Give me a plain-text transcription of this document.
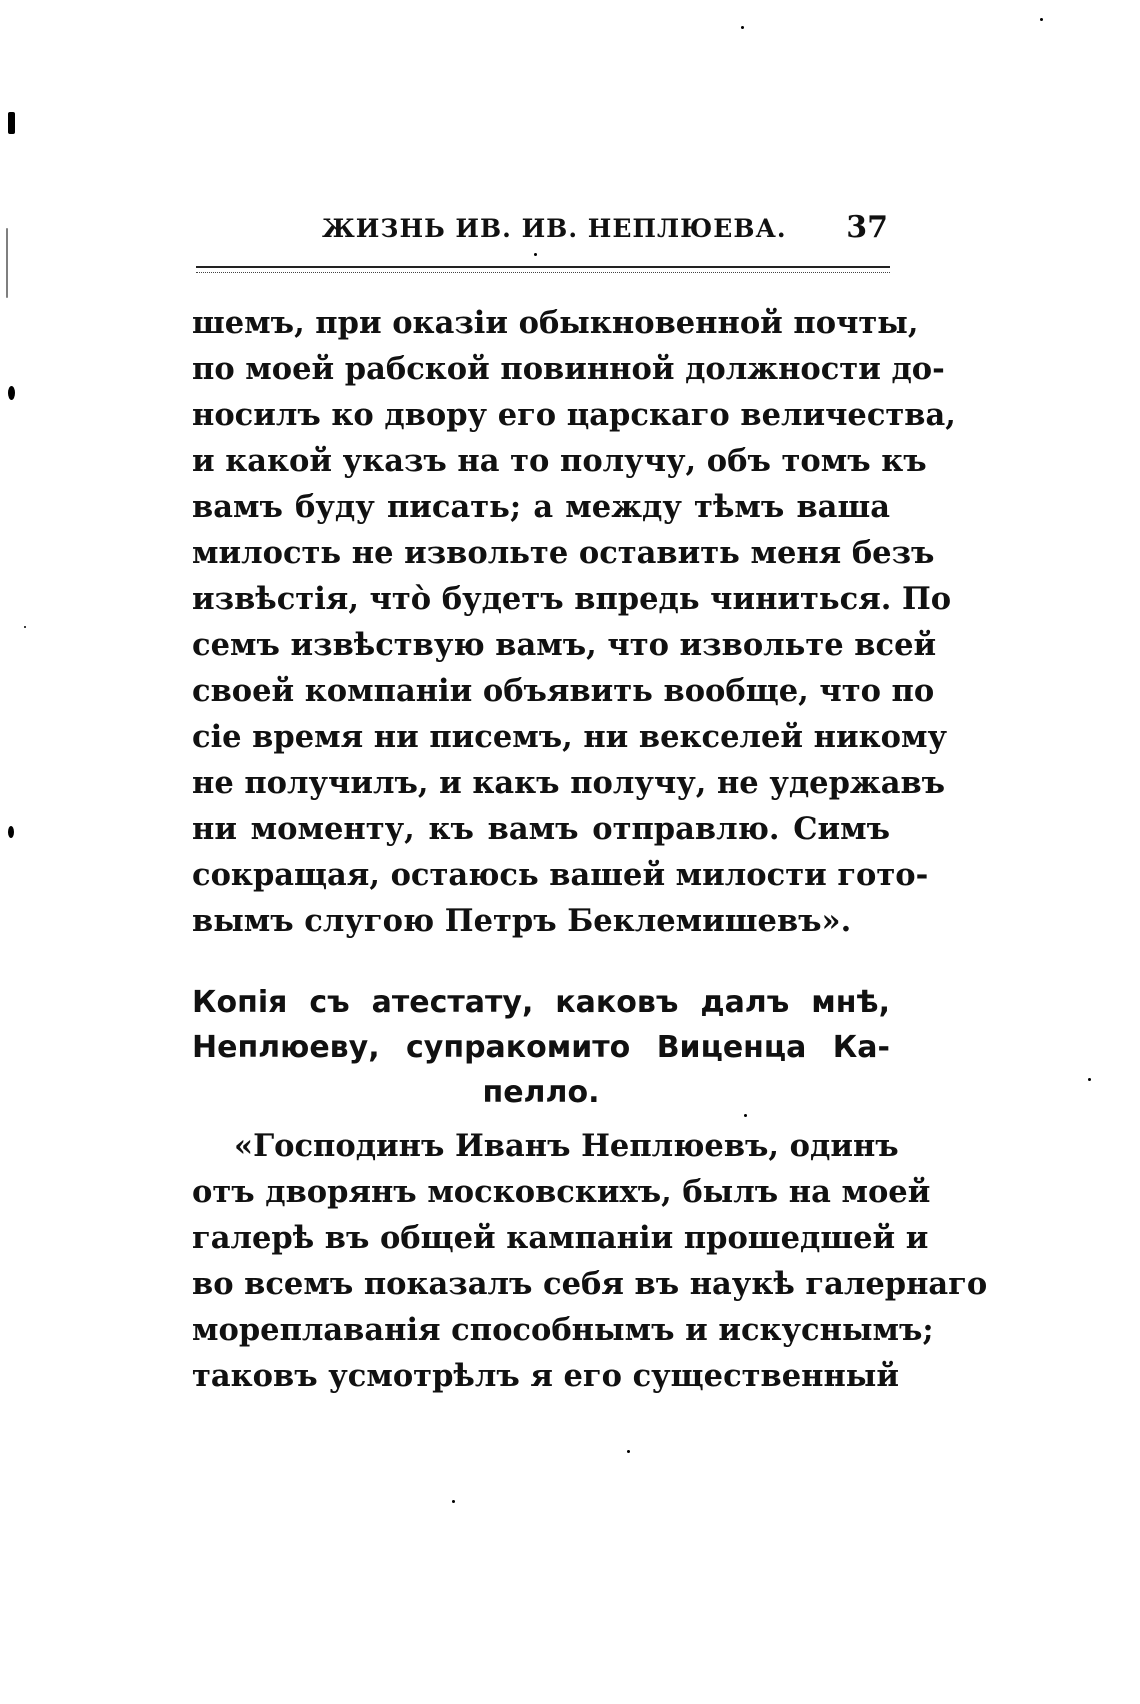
ЖИЗНЬ ИВ. ИВ. НЕПЛЮЕВА. 37
шемъ, при оказіи обыкновенной почты,
по моей рабской повинной должности до-
носилъ ко двору его царскаго величества,
и какой указъ на то получу, объ томъ къ
вамъ буду писать; а между тѣмъ ваша
милость не извольте оставить меня безъ
извѣстія, чтò будетъ впредь чиниться. По
семъ извѣствую вамъ, что извольте всей
своей компаніи объявить вообще, что по
сіе время ни писемъ, ни векселей никому
не получилъ, и какъ получу, не удержавъ
ни моменту, къ вамъ отправлю. Симъ
сокращая, остаюсь вашей милости гото-
вымъ слугою Петръ Беклемишевъ».
Копія съ атестату, каковъ далъ мнѣ,
Неплюеву, супракомито Виценца Ка-
пелло.
«Господинъ Иванъ Неплюевъ, одинъ
отъ дворянъ московскихъ, былъ на моей
галерѣ въ общей кампаніи прошедшей и
во всемъ показалъ себя въ наукѣ галернаго
мореплаванія способнымъ и искуснымъ;
таковъ усмотрѣлъ я его существенный
